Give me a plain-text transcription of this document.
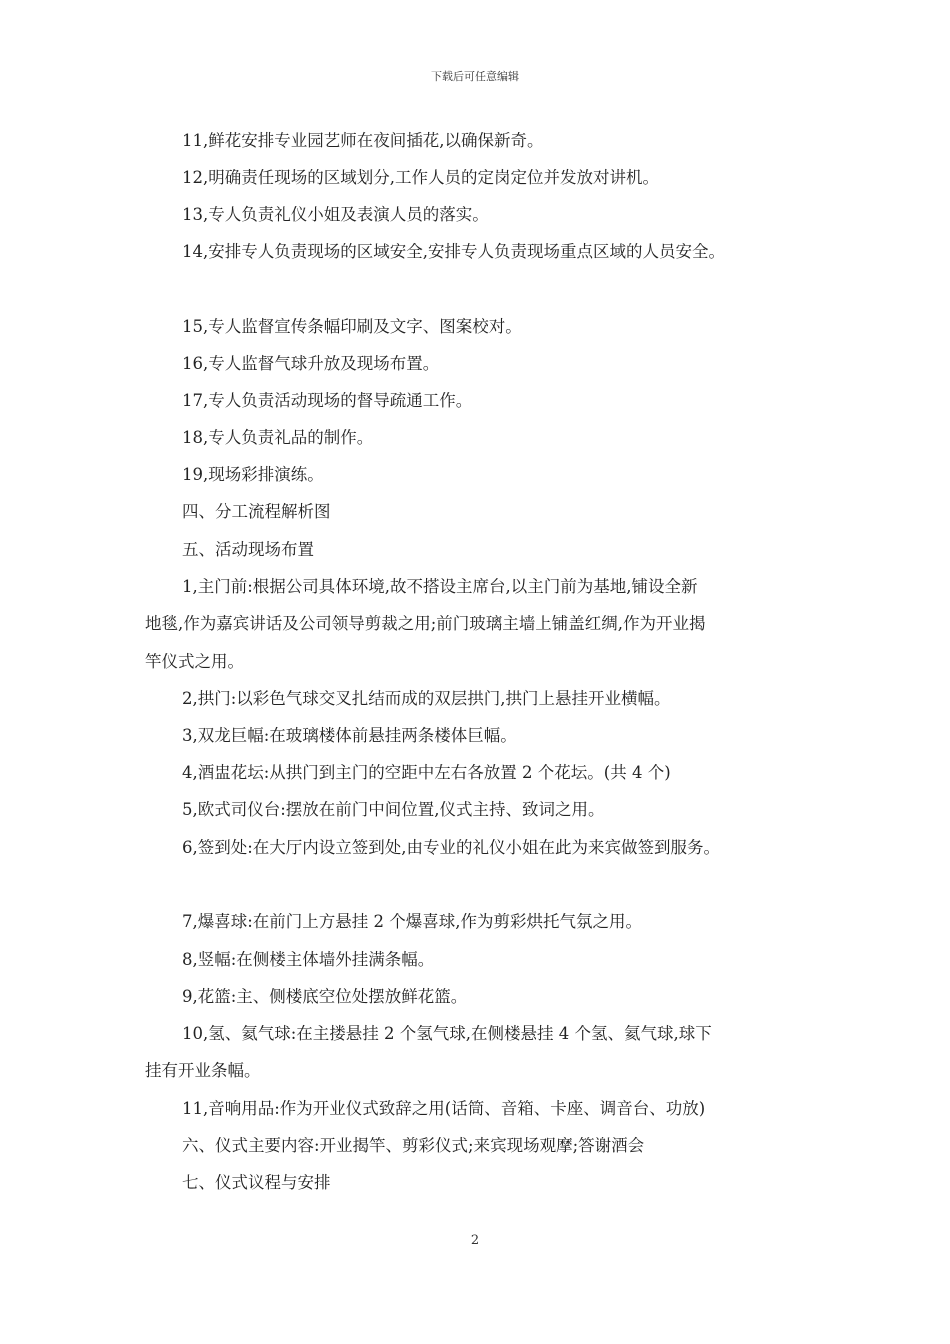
下载后可任意编辑
11,鲜花安排专业园艺师在夜间插花,以确保新奇。
12,明确责任现场的区域划分,工作人员的定岗定位并发放对讲机。
13,专人负责礼仪小姐及表演人员的落实。
14,安排专人负责现场的区域安全,安排专人负责现场重点区域的人员安全。
15,专人监督宣传条幅印刷及文字、图案校对。
16,专人监督气球升放及现场布置。
17,专人负责活动现场的督导疏通工作。
18,专人负责礼品的制作。
19,现场彩排演练。
四、分工流程解析图
五、活动现场布置
1,主门前:根据公司具体环境,故不搭设主席台,以主门前为基地,铺设全新
地毯,作为嘉宾讲话及公司领导剪裁之用;前门玻璃主墙上铺盖红绸,作为开业揭
竿仪式之用。
2,拱门:以彩色气球交叉扎结而成的双层拱门,拱门上悬挂开业横幅。
3,双龙巨幅:在玻璃楼体前悬挂两条楼体巨幅。
4,酒盅花坛:从拱门到主门的空距中左右各放置 2 个花坛。(共 4 个)
5,欧式司仪台:摆放在前门中间位置,仪式主持、致词之用。
6,签到处:在大厅内设立签到处,由专业的礼仪小姐在此为来宾做签到服务。
7,爆喜球:在前门上方悬挂 2 个爆喜球,作为剪彩烘托气氛之用。
8,竖幅:在侧楼主体墙外挂满条幅。
9,花篮:主、侧楼底空位处摆放鲜花篮。
10,氢、氦气球:在主搂悬挂 2 个氢气球,在侧楼悬挂 4 个氢、氦气球,球下
挂有开业条幅。
11,音响用品:作为开业仪式致辞之用(话筒、音箱、卡座、调音台、功放)
六、仪式主要内容:开业揭竿、剪彩仪式;来宾现场观摩;答谢酒会
七、仪式议程与安排
2
